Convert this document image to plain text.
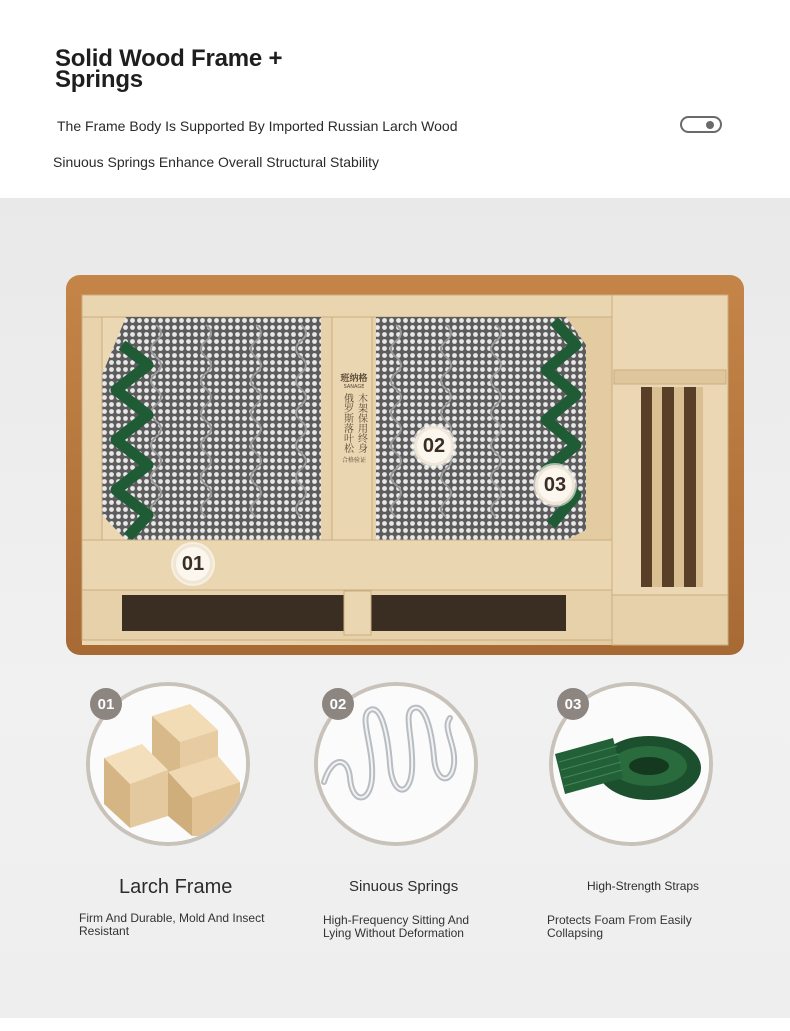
Solid Wood Frame + Springs
The Frame Body Is Supported By Imported Russian Larch Wood
Sinuous Springs Enhance Overall Structural Stability
班纳格
SANAGE
俄罗斯落叶松 木架保用终身
合格验证
01
02
03
01	02	03
Larch Frame
Firm And Durable, Mold And Insect Resistant
Sinuous Springs
High-Frequency Sitting And Lying Without Deformation
High-Strength Straps
Protects Foam From Easily Collapsing
